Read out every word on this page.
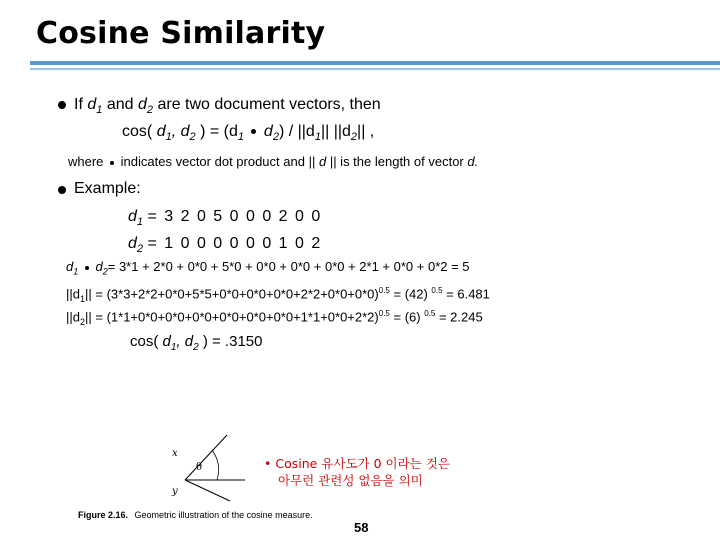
Cosine Similarity
If $d_1$ and $d_2$ are two document vectors, then
cos( $d_1$, $d_2$ ) = ($d_1$ $d_2) / ||d_1||$ $||d_2||$ ,
where indicates vector dot product and || d || is the length of vector d.
Example:
$d_1 = 3$ 2 0 5 0 0 0 2 0 0
$d_2 = 1$ 0 0 0 0 0 0 1 0 2
$d_1$ $d_2= 3*1 + 2*0 + 0*0 + 5*0 + 0*0 + 0*0 + 0*0 + 2*1 + 0*0 + 0*2 = 5$
$||d_1|| = (3*3+2*2+0*0+5*5+0*0+0*0+0*0+2*2+0*0+0*0)^{0.5} = (42) ^{0.5} = 6.481$
$||d_2|| = (1*1+0*0+0*0+0*0+0*0+0*0+0*0+1*1+0*0+2*2)^{0.5} = (6) ^{0.5} = 2.245$
cos( $d_1$, $d_2$ ) = .3150
x
θ
y
Figure 2.16. Geometric illustration of the cosine measure.
• Cosine 유사도가 0 이라는 것은
아무런 관련성 없음을 의미
58
